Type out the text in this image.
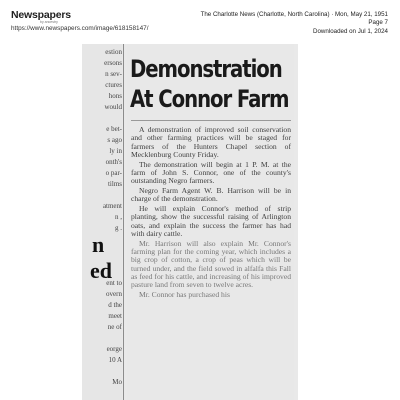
Newspapers
by ancestry
https://www.newspapers.com/image/618158147/
The Charlotte News (Charlotte, North Carolina) · Mon, May 21, 1951
Page 7
Downloaded on Jul 1, 2024
n
ed
estion
ersons
n sev-
ctures
hons
would
e bet-
s ago
ly in
onth's
o par-
tilms
atment
n ,
g .
ent to
overn
d the
meet
ne of
eorge
10 A
Mo
Demonstration
At Connor Farm

A demonstration of improved soil conservation and other farming practices will be staged for farmers of the Hunters Chapel section of Mecklenburg County Friday.

The demonstration will begin at 1 P. M. at the farm of John S. Connor, one of the county's outstanding Negro farmers.

Negro Farm Agent W. B. Harrison will be in charge of the demonstration.

He will explain Connor's method of strip planting, show the successful raising of Arlington oats, and explain the success the farmer has had with dairy cattle.

Mr. Harrison will also explain Mr. Connor's farming plan for the coming year, which includes a big crop of cotton, a crop of peas which will be turned under, and the field sowed in alfalfa this Fall as feed for his cattle, and increasing of his improved pasture land from seven to twelve acres.

Mr. Connor has purchased his
